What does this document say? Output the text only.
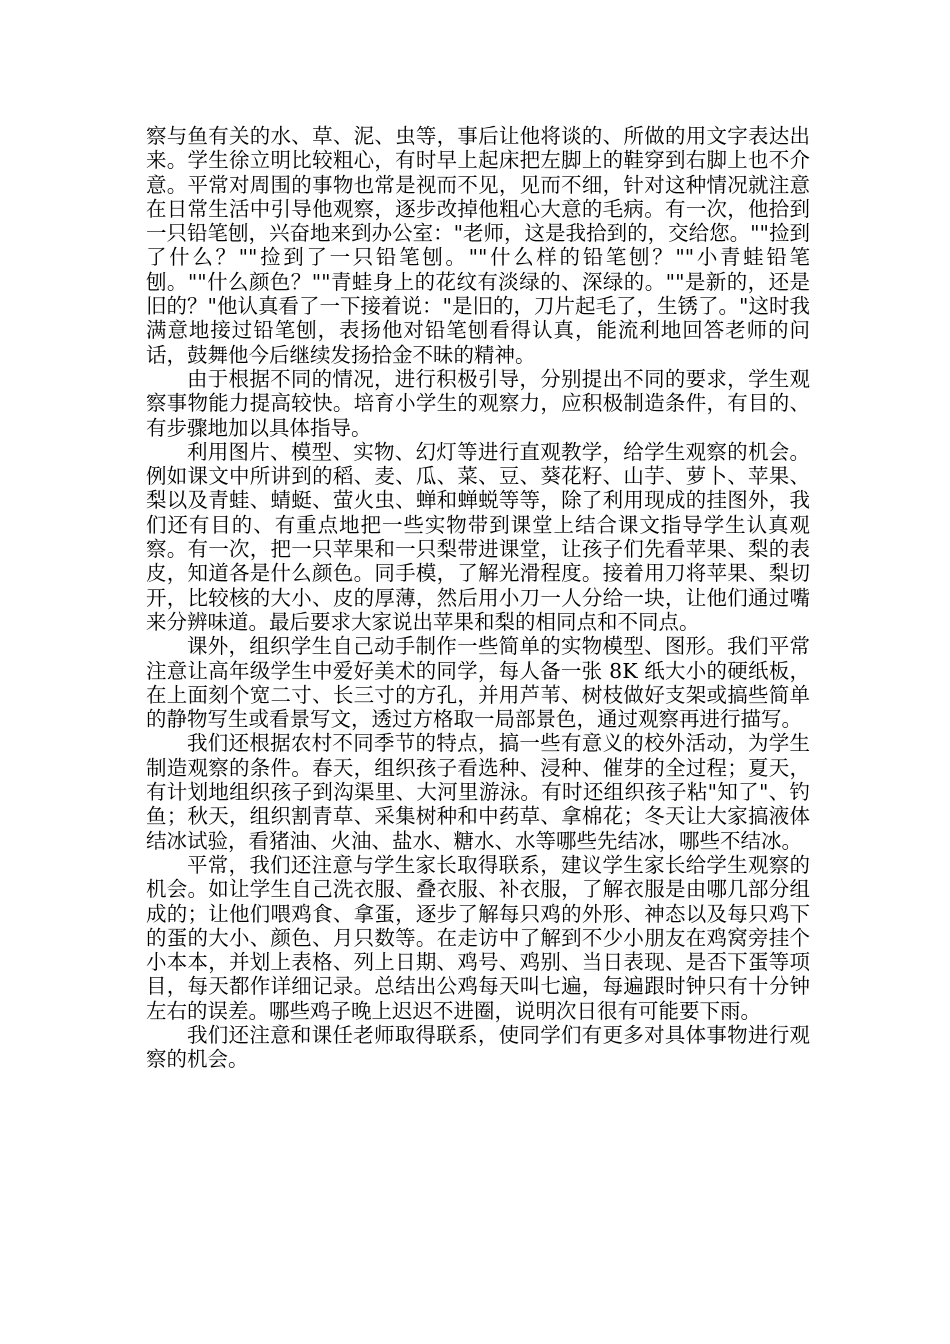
察与鱼有关的水、草、泥、虫等，事后让他将谈的、所做的用文字表达出来。学生徐立明比较粗心，有时早上起床把左脚上的鞋穿到右脚上也不介意。平常对周围的事物也常是视而不见，见而不细，针对这种情况就注意在日常生活中引导他观察，逐步改掉他粗心大意的毛病。有一次，他拾到一只铅笔刨，兴奋地来到办公室："老师，这是我拾到的，交给您。""捡到了什么？""捡到了一只铅笔刨。""什么样的铅笔刨？""小青蛙铅笔刨。""什么颜色？""青蛙身上的花纹有淡绿的、深绿的。""是新的，还是旧的？"他认真看了一下接着说："是旧的，刀片起毛了，生锈了。"这时我满意地接过铅笔刨，表扬他对铅笔刨看得认真，能流利地回答老师的问话，鼓舞他今后继续发扬拾金不昧的精神。

由于根据不同的情况，进行积极引导，分别提出不同的要求，学生观察事物能力提高较快。培育小学生的观察力，应积极制造条件，有目的、有步骤地加以具体指导。

利用图片、模型、实物、幻灯等进行直观教学，给学生观察的机会。例如课文中所讲到的稻、麦、瓜、菜、豆、葵花籽、山芋、萝卜、苹果、梨以及青蛙、蜻蜓、萤火虫、蝉和蝉蜕等等，除了利用现成的挂图外，我们还有目的、有重点地把一些实物带到课堂上结合课文指导学生认真观察。有一次，把一只苹果和一只梨带进课堂，让孩子们先看苹果、梨的表皮，知道各是什么颜色。同手模，了解光滑程度。接着用刀将苹果、梨切开，比较核的大小、皮的厚薄，然后用小刀一人分给一块，让他们通过嘴来分辨味道。最后要求大家说出苹果和梨的相同点和不同点。

课外，组织学生自己动手制作一些简单的实物模型、图形。我们平常注意让高年级学生中爱好美术的同学，每人备一张 8K 纸大小的硬纸板，在上面刻个宽二寸、长三寸的方孔，并用芦苇、树枝做好支架或搞些简单的静物写生或看景写文，透过方格取一局部景色，通过观察再进行描写。

我们还根据农村不同季节的特点，搞一些有意义的校外活动，为学生制造观察的条件。春天，组织孩子看选种、浸种、催芽的全过程；夏天，有计划地组织孩子到沟渠里、大河里游泳。有时还组织孩子粘"知了"、钓鱼；秋天，组织割青草、采集树种和中药草、拿棉花；冬天让大家搞液体结冰试验，看猪油、火油、盐水、糖水、水等哪些先结冰，哪些不结冰。

平常，我们还注意与学生家长取得联系，建议学生家长给学生观察的机会。如让学生自己洗衣服、叠衣服、补衣服，了解衣服是由哪几部分组成的；让他们喂鸡食、拿蛋，逐步了解每只鸡的外形、神态以及每只鸡下的蛋的大小、颜色、月只数等。在走访中了解到不少小朋友在鸡窝旁挂个小本本，并划上表格、列上日期、鸡号、鸡别、当日表现、是否下蛋等项目，每天都作详细记录。总结出公鸡每天叫七遍，每遍跟时钟只有十分钟左右的误差。哪些鸡子晚上迟迟不进圈，说明次日很有可能要下雨。

我们还注意和课任老师取得联系，使同学们有更多对具体事物进行观察的机会。
